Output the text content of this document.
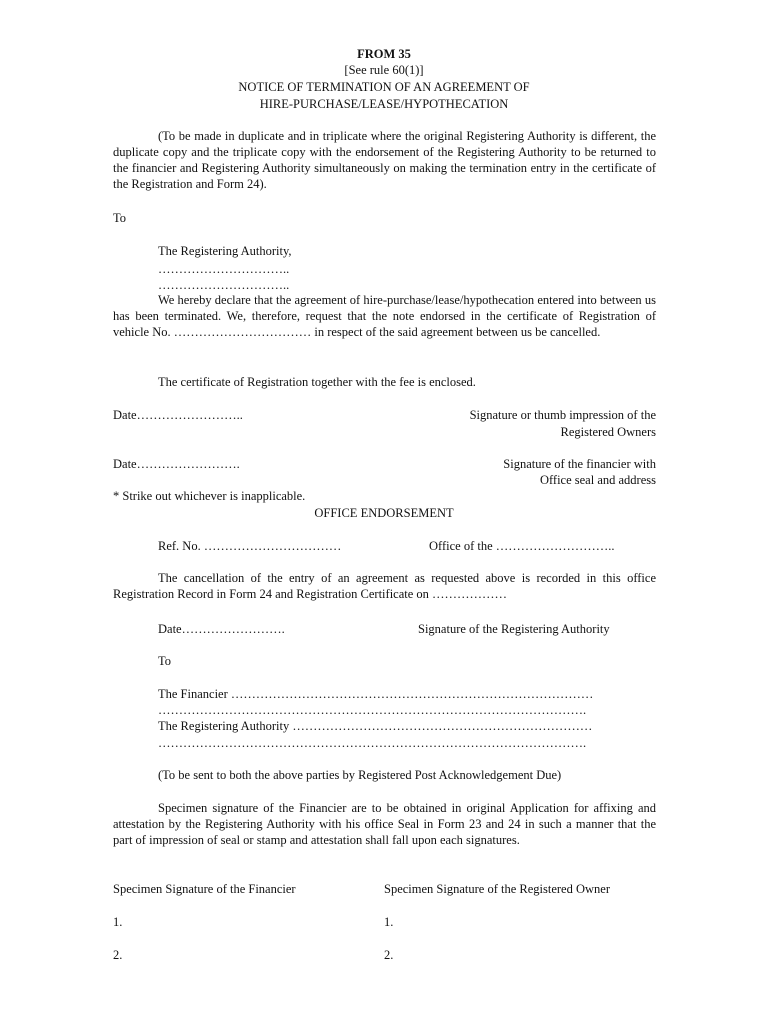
FROM 35
[See rule 60(1)]
NOTICE OF TERMINATION OF AN AGREEMENT OF
HIRE-PURCHASE/LEASE/HYPOTHECATION
(To be made in duplicate and in triplicate where the original Registering Authority is different, the duplicate copy and the triplicate copy with the endorsement of the Registering Authority to be returned to the financier and Registering Authority simultaneously on making the termination entry in the certificate of the Registration and Form 24).
To
The Registering Authority,
…………………………..
…………………………..
We hereby declare that the agreement of hire-purchase/lease/hypothecation entered into between us has been terminated. We, therefore, request that the note endorsed in the certificate of Registration of vehicle No. …………………………… in respect of the said agreement between us be cancelled.
The certificate of Registration together with the fee is enclosed.
Date……………………..	Signature or thumb impression of the
Registered Owners
Date…………………….	Signature of the financier with
Office seal and address
* Strike out whichever is inapplicable.
OFFICE ENDORSEMENT
Ref. No. ……………………………	Office of the ………………………..
The cancellation of the entry of an agreement as requested above is recorded in this office Registration Record in Form 24 and Registration Certificate on ………………
Date…………………….	Signature of the Registering Authority
To
The Financier ……………………………………………………………………………
………………………………………………………………………………………….
The Registering Authority ………………………………………………………………
………………………………………………………………………………………….
(To be sent to both the above parties by Registered Post Acknowledgement Due)
Specimen signature of the Financier are to be obtained in original Application for affixing and attestation by the Registering Authority with his office Seal in Form 23 and 24 in such a manner that the part of impression of seal or stamp and attestation shall fall upon each signatures.
Specimen Signature of the Financier	Specimen Signature of the Registered Owner
1.	1.
2.	2.
